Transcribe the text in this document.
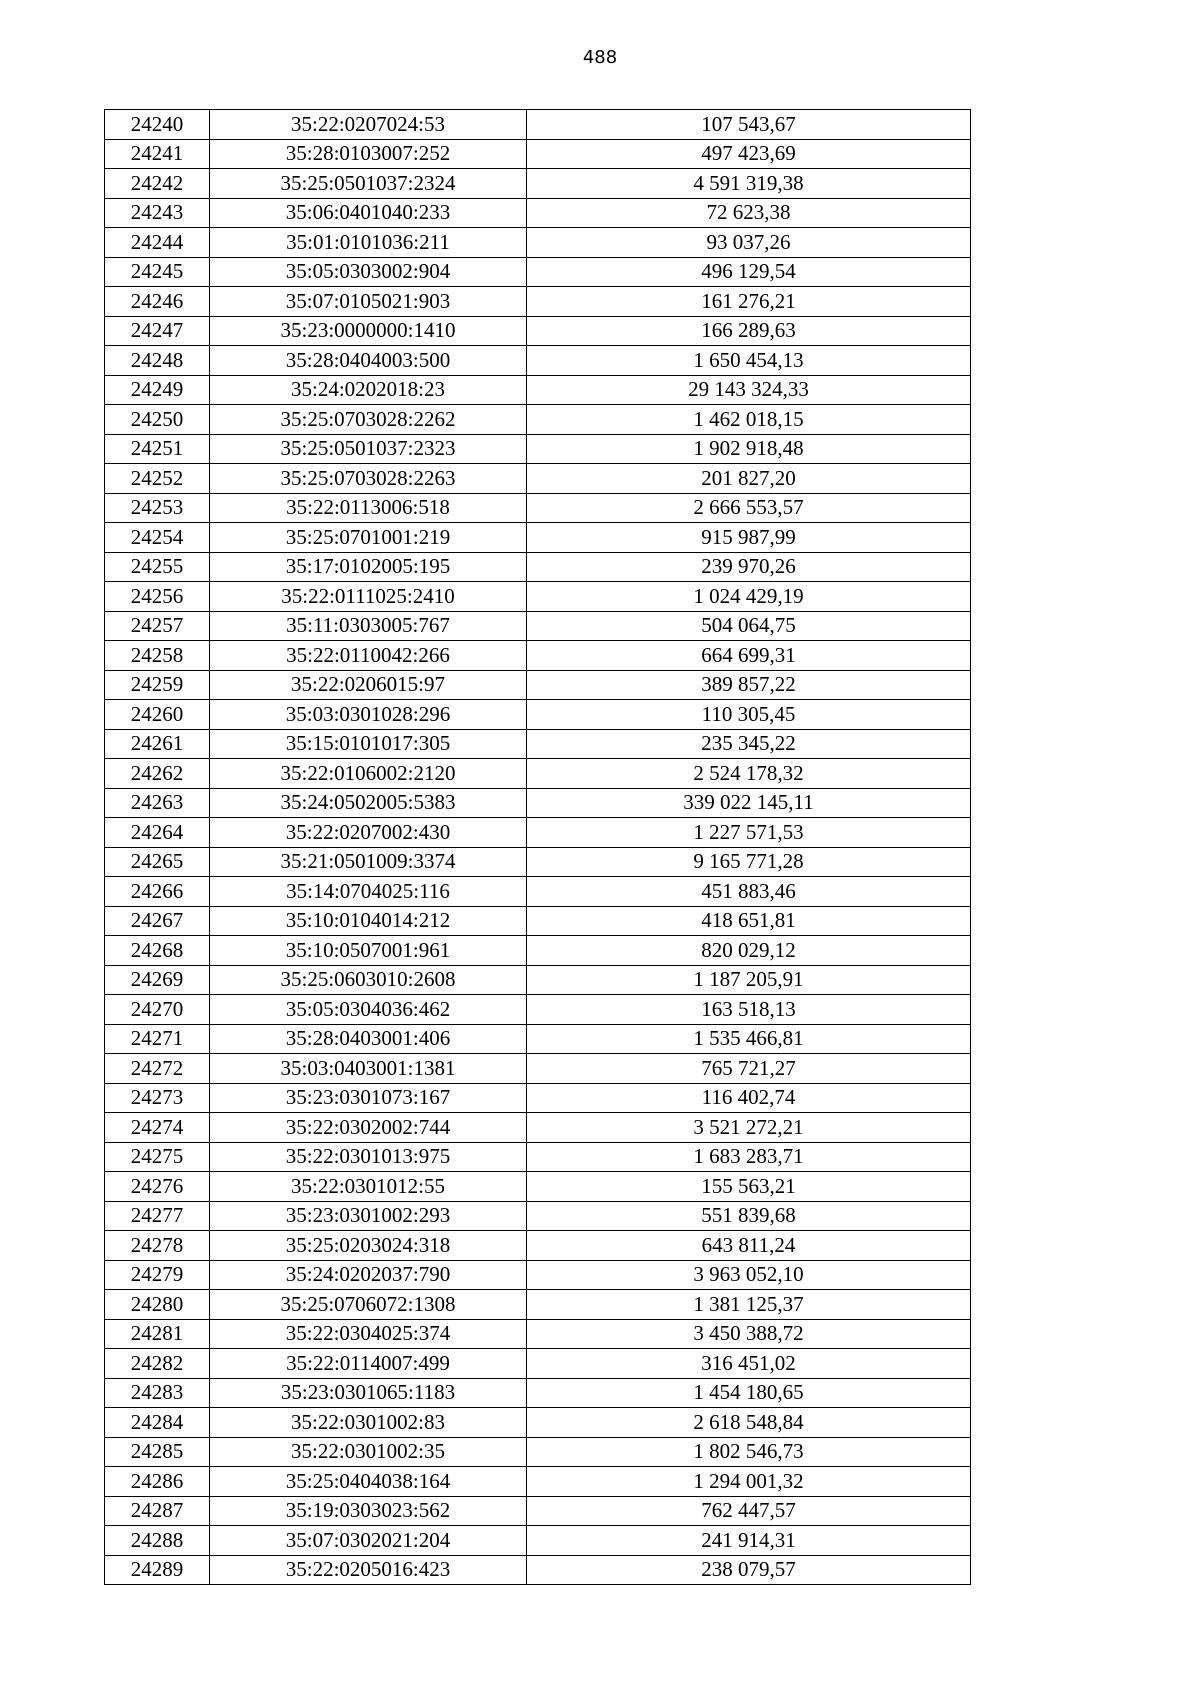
488
24240	35:22:0207024:53	107 543,67
24241	35:28:0103007:252	497 423,69
24242	35:25:0501037:2324	4 591 319,38
24243	35:06:0401040:233	72 623,38
24244	35:01:0101036:211	93 037,26
24245	35:05:0303002:904	496 129,54
24246	35:07:0105021:903	161 276,21
24247	35:23:0000000:1410	166 289,63
24248	35:28:0404003:500	1 650 454,13
24249	35:24:0202018:23	29 143 324,33
24250	35:25:0703028:2262	1 462 018,15
24251	35:25:0501037:2323	1 902 918,48
24252	35:25:0703028:2263	201 827,20
24253	35:22:0113006:518	2 666 553,57
24254	35:25:0701001:219	915 987,99
24255	35:17:0102005:195	239 970,26
24256	35:22:0111025:2410	1 024 429,19
24257	35:11:0303005:767	504 064,75
24258	35:22:0110042:266	664 699,31
24259	35:22:0206015:97	389 857,22
24260	35:03:0301028:296	110 305,45
24261	35:15:0101017:305	235 345,22
24262	35:22:0106002:2120	2 524 178,32
24263	35:24:0502005:5383	339 022 145,11
24264	35:22:0207002:430	1 227 571,53
24265	35:21:0501009:3374	9 165 771,28
24266	35:14:0704025:116	451 883,46
24267	35:10:0104014:212	418 651,81
24268	35:10:0507001:961	820 029,12
24269	35:25:0603010:2608	1 187 205,91
24270	35:05:0304036:462	163 518,13
24271	35:28:0403001:406	1 535 466,81
24272	35:03:0403001:1381	765 721,27
24273	35:23:0301073:167	116 402,74
24274	35:22:0302002:744	3 521 272,21
24275	35:22:0301013:975	1 683 283,71
24276	35:22:0301012:55	155 563,21
24277	35:23:0301002:293	551 839,68
24278	35:25:0203024:318	643 811,24
24279	35:24:0202037:790	3 963 052,10
24280	35:25:0706072:1308	1 381 125,37
24281	35:22:0304025:374	3 450 388,72
24282	35:22:0114007:499	316 451,02
24283	35:23:0301065:1183	1 454 180,65
24284	35:22:0301002:83	2 618 548,84
24285	35:22:0301002:35	1 802 546,73
24286	35:25:0404038:164	1 294 001,32
24287	35:19:0303023:562	762 447,57
24288	35:07:0302021:204	241 914,31
24289	35:22:0205016:423	238 079,57
